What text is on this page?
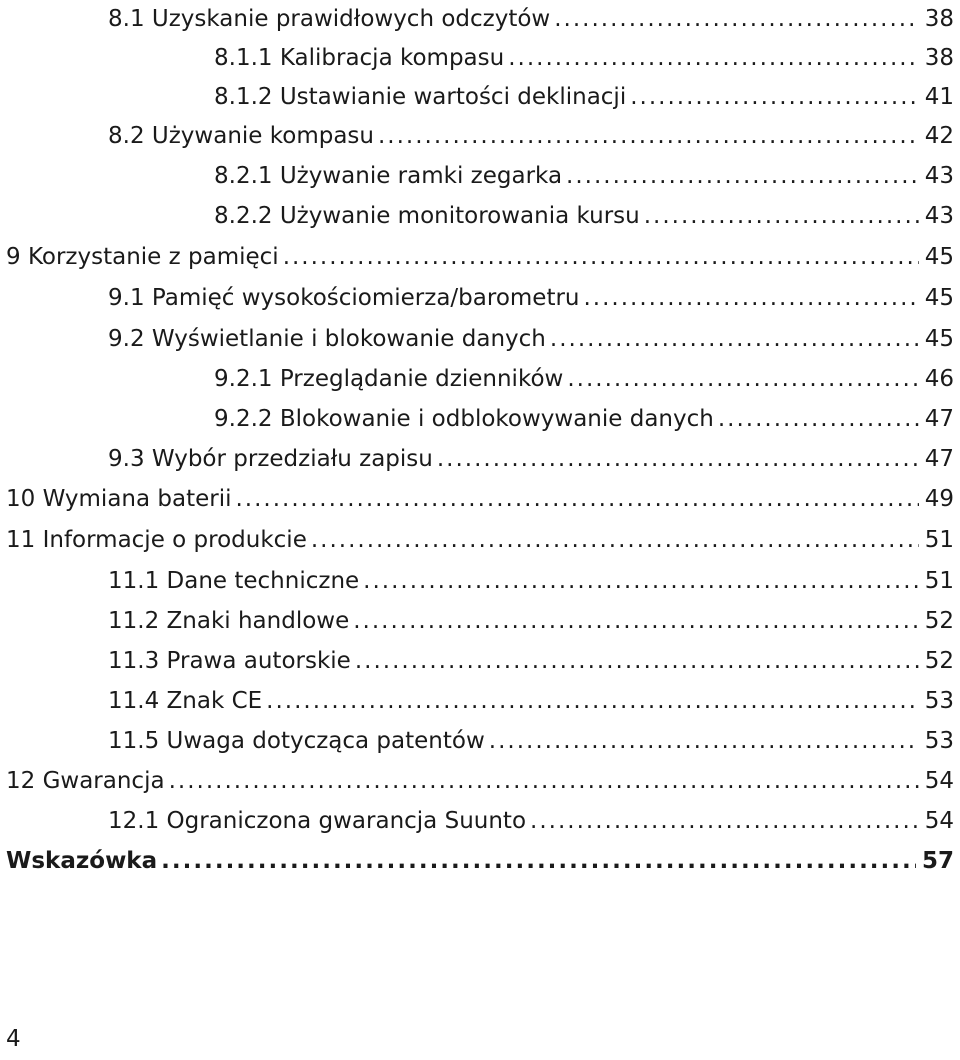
8.1 Uzyskanie prawidłowych odczytów .....	38
8.1.1 Kalibracja kompasu .....	38
8.1.2 Ustawianie wartości deklinacji .....	41
8.2 Używanie kompasu .....	42
8.2.1 Używanie ramki zegarka .....	43
8.2.2 Używanie monitorowania kursu .....	43
9 Korzystanie z pamięci .....	45
9.1 Pamięć wysokościomierza/barometru .....	45
9.2 Wyświetlanie i blokowanie danych .....	45
9.2.1 Przeglądanie dzienników .....	46
9.2.2 Blokowanie i odblokowywanie danych .....	47
9.3 Wybór przedziału zapisu .....	47
10 Wymiana baterii .....	49
11 Informacje o produkcie .....	51
11.1 Dane techniczne .....	51
11.2 Znaki handlowe .....	52
11.3 Prawa autorskie .....	52
11.4 Znak CE .....	53
11.5 Uwaga dotycząca patentów .....	53
12 Gwarancja .....	54
12.1 Ograniczona gwarancja Suunto .....	54
Wskazówka .....	57
4
